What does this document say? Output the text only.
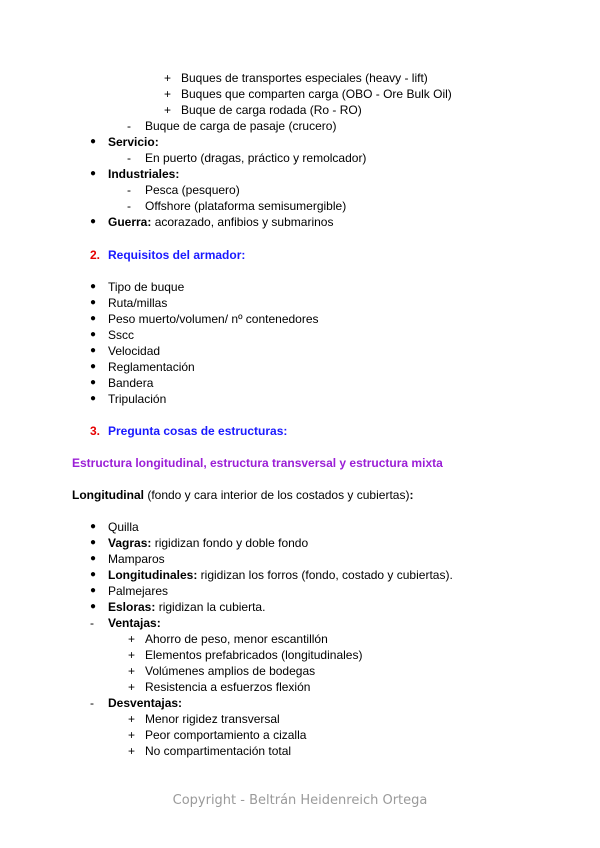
+ Buques de transportes especiales (heavy - lift)
+ Buques que comparten carga (OBO - Ore Bulk Oil)
+ Buque de carga rodada (Ro - RO)
- Buque de carga de pasaje (crucero)
● Servicio:
- En puerto (dragas, práctico y remolcador)
● Industriales:
- Pesca (pesquero)
- Offshore (plataforma semisumergible)
● Guerra: acorazado, anfibios y submarinos
2. Requisitos del armador:
● Tipo de buque
● Ruta/millas
● Peso muerto/volumen/ nº contenedores
● Sscc
● Velocidad
● Reglamentación
● Bandera
● Tripulación
3. Pregunta cosas de estructuras:
Estructura longitudinal, estructura transversal y estructura mixta
Longitudinal (fondo y cara interior de los costados y cubiertas):
● Quilla
● Vagras: rigidizan fondo y doble fondo
● Mamparos
● Longitudinales: rigidizan los forros (fondo, costado y cubiertas).
● Palmejares
● Esloras: rigidizan la cubierta.
- Ventajas:
+ Ahorro de peso, menor escantillón
+ Elementos prefabricados (longitudinales)
+ Volúmenes amplios de bodegas
+ Resistencia a esfuerzos flexión
- Desventajas:
+ Menor rigidez transversal
+ Peor comportamiento a cizalla
+ No compartimentación total
Copyright - Beltrán Heidenreich Ortega
